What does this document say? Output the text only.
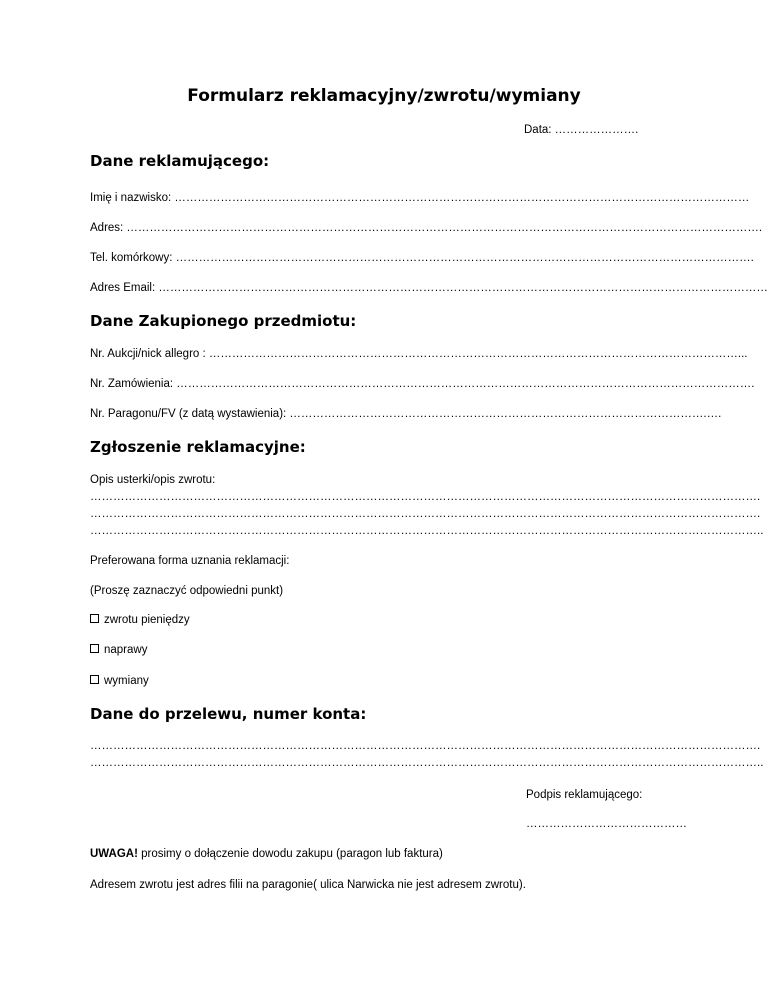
Formularz reklamacyjny/zwrotu/wymiany
Data: ………………….
Dane reklamującego:
Imię i nazwisko: ……………………………………………………………………………………………………………………………………
Adres: ………………………………………………………………………………………………………………………………………………….
Tel. komórkowy: …………………………………………………………………………………………………………………………………….
Adres Email: ……………………………………………………………………………………………………………………………………………
Dane Zakupionego przedmiotu:
Nr. Aukcji/nick allegro : …………………………………………………………………………………………………………………………...
Nr. Zamówienia: …………………………………………………………………………………………………………………………………….
Nr. Paragonu/FV (z datą wystawienia): ……………………………………………………………………………………………….….
Zgłoszenie reklamacyjne:
Opis usterki/opis zwrotu:
………………………………………………………………………………………………………………………………………………………….
………………………………………………………………………………………………………………………………………………………….
…………………………………………………………………………………………………………………………………………………………..
Preferowana forma uznania reklamacji:
(Proszę zaznaczyć odpowiedni punkt)
zwrotu pieniędzy
naprawy
wymiany
Dane do przelewu, numer konta:
………………………………………………………………………………………………………………………………………………………….
…………………………………………………………………………………………………………………………………………………………..
Podpis reklamującego:
……………………………………
UWAGA! prosimy o dołączenie dowodu zakupu (paragon lub faktura)
Adresem zwrotu jest adres filii na paragonie( ulica Narwicka nie jest adresem zwrotu).
